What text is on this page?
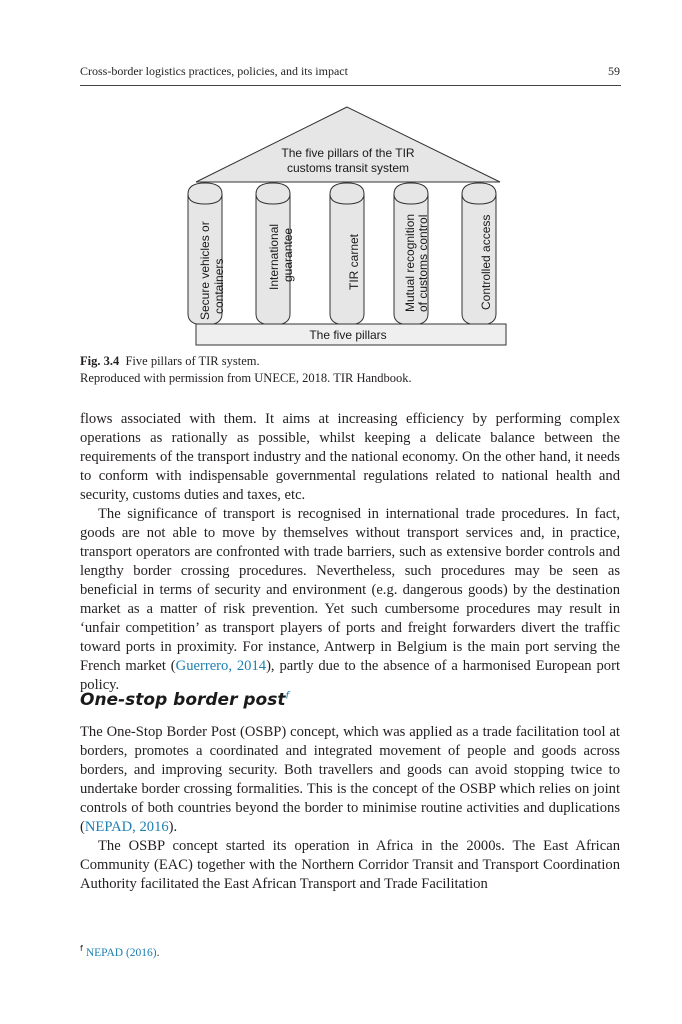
Cross-border logistics practices, policies, and its impact	59
The five pillars of the TIR
customs transit system
Secure vehicles or containers	International guarantee	TIR carnet	Mutual recognition of customs control	Controlled access
The five pillars
Fig. 3.4 Five pillars of TIR system.
Reproduced with permission from UNECE, 2018. TIR Handbook.

flows associated with them. It aims at increasing efficiency by performing complex operations as rationally as possible, whilst keeping a delicate balance between the requirements of the transport industry and the national economy. On the other hand, it needs to conform with indispensable governmental regulations related to national health and security, customs duties and taxes, etc.

The significance of transport is recognised in international trade procedures. In fact, goods are not able to move by themselves without transport services and, in practice, transport operators are confronted with trade barriers, such as extensive border controls and lengthy border crossing procedures. Nevertheless, such procedures may be seen as beneficial in terms of security and environment (e.g. dangerous goods) by the destination market as a matter of risk prevention. Yet such cumbersome procedures may result in ‘unfair competition’ as transport players of ports and freight forwarders divert the traffic toward ports in proximity. For instance, Antwerp in Belgium is the main port serving the French market (Guerrero, 2014), partly due to the absence of a harmonised European port policy.

One-stop border post$^f$

The One-Stop Border Post (OSBP) concept, which was applied as a trade facilitation tool at borders, promotes a coordinated and integrated movement of people and goods across borders, and improving security. Both travellers and goods can avoid stopping twice to undertake border crossing formalities. This is the concept of the OSBP which relies on joint controls of both countries beyond the border to minimise routine activities and duplications (NEPAD, 2016).

The OSBP concept started its operation in Africa in the 2000s. The East African Community (EAC) together with the Northern Corridor Transit and Transport Coordination Authority facilitated the East African Transport and Trade Facilitation

$^f$ NEPAD (2016).
